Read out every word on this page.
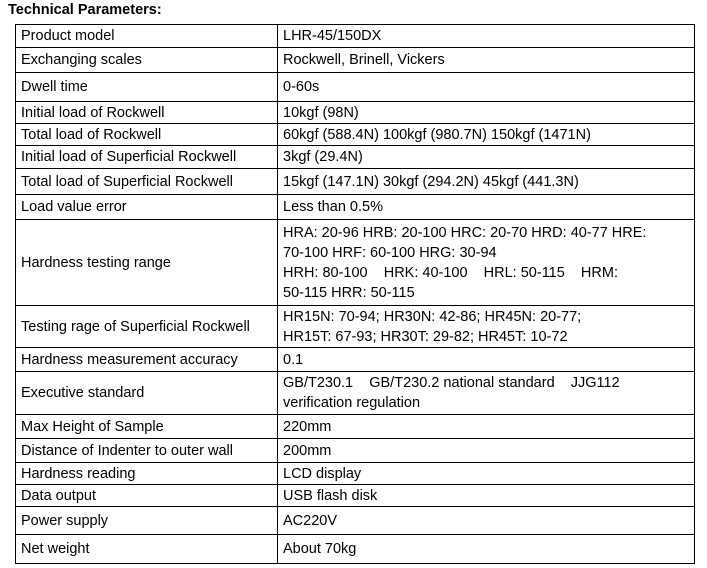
Technical Parameters:
Product model	LHR-45/150DX
Exchanging scales	Rockwell, Brinell, Vickers
Dwell time	0-60s
Initial load of Rockwell	10kgf (98N)
Total load of Rockwell	60kgf (588.4N) 100kgf (980.7N) 150kgf (1471N)
Initial load of Superficial Rockwell	3kgf (29.4N)
Total load of Superficial Rockwell	15kgf (147.1N) 30kgf (294.2N) 45kgf (441.3N)
Load value error	Less than 0.5%
Hardness testing range	HRA: 20-96 HRB: 20-100 HRC: 20-70 HRD: 40-77 HRE:
70-100 HRF: 60-100 HRG: 30-94
HRH: 80-100    HRK: 40-100    HRL: 50-115    HRM:
50-115 HRR: 50-115

Testing rage of Superficial Rockwell	HR15N: 70-94; HR30N: 42-86; HR45N: 20-77;
HR15T: 67-93; HR30T: 29-82; HR45T: 10-72

Hardness measurement accuracy	0.1
Executive standard	GB/T230.1    GB/T230.2 national standard    JJG112
verification regulation

Max Height of Sample	220mm
Distance of Indenter to outer wall	200mm
Hardness reading	LCD display
Data output	USB flash disk
Power supply	AC220V
Net weight	About 70kg
